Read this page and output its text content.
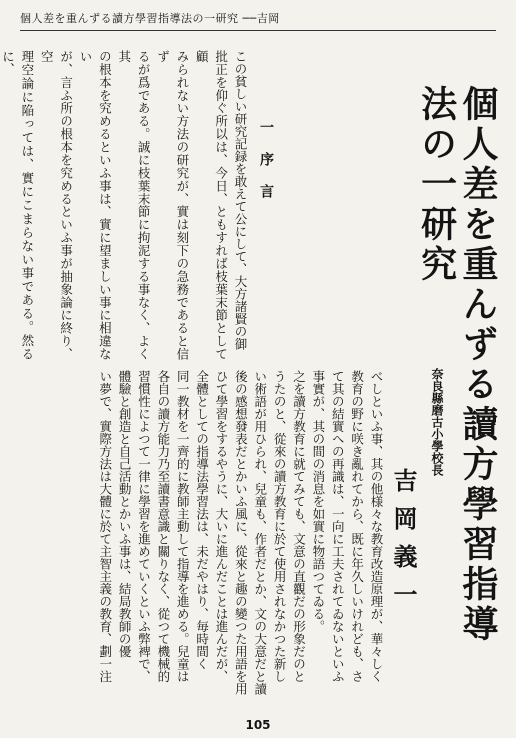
個人差を重んずる讀方學習指導法の一研究 ──吉岡
個人差を重んずる讀方學習指導法の一研究
奈良縣磨古小學校長
吉岡義一
一序言
この貧しい研究記録を敢えて公にして、大方諸賢の御
批正を仰ぐ所以は、今日、ともすれば枝葉末節として顧
みられない方法の研究が、實は刻下の急務であると信ず
るが爲である。誠に枝葉末節に拘泥する事なく、よく其
の根本を究めるといふ事は、實に望ましい事に相違ない
が、言ふ所の根本を究めるといふ事が抽象論に終り、空
理空論に陥っては、實にこまらない事である。然るに、

べしといふ事、其の他様々な教育改造原理が、華々しく
教育の野に咲き亂れてから、既に年久しいけれども、さ
て其の結實への再識は、一向に工夫されてゐないといふ
事實が、其の間の消息を如實に物語つてゐる。
之を讀方教育に就てみても、文意の直觀だの形象だのと
うたのと、從來の讀方教育に於て使用されなかつた新し
い術語が用ひられ、兒童も、作者だとか、文の大意だと讀
後の感想發表だとかいふ風に、從來と趣の變つた用語を用
ひて學習をするやうに、大いに進んだことは進んだが、
全體としての指導法學習法は、未だやはり、毎時間く
同一教材を一齊的に教師主動して指導を進める。兒童は
各自の讀方能力乃至讀書意識と關りなく、從つて機械的
習慣性によつて一律に學習を進めていくといふ弊裨で、
體驗と創造と自己活動とかいふ事は、結局教師の優
い夢で、實際方法は大體に於て主智主義の教育、劃一注
105
